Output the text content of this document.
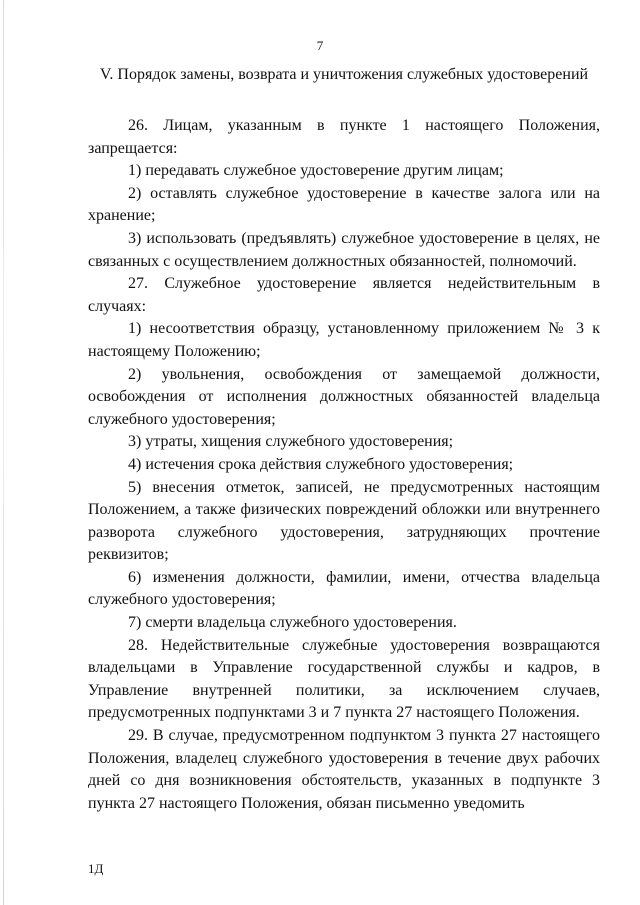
7
V. Порядок замены, возврата и уничтожения служебных удостоверений

26. Лицам, указанным в пункте 1 настоящего Положения, запрещается:

1) передавать служебное удостоверение другим лицам;

2) оставлять служебное удостоверение в качестве залога или на хранение;

3) использовать (предъявлять) служебное удостоверение в целях, не связанных с осуществлением должностных обязанностей, полномочий.

27. Служебное удостоверение является недействительным в случаях:

1) несоответствия образцу, установленному приложением № 3 к настоящему Положению;

2) увольнения, освобождения от замещаемой должности, освобождения от исполнения должностных обязанностей владельца служебного удостоверения;

3) утраты, хищения служебного удостоверения;

4) истечения срока действия служебного удостоверения;

5) внесения отметок, записей, не предусмотренных настоящим Положением, а также физических повреждений обложки или внутреннего разворота служебного удостоверения, затрудняющих прочтение реквизитов;

6) изменения должности, фамилии, имени, отчества владельца служебного удостоверения;

7) смерти владельца служебного удостоверения.

28. Недействительные служебные удостоверения возвращаются владельцами в Управление государственной службы и кадров, в Управление внутренней политики, за исключением случаев, предусмотренных подпунктами 3 и 7 пункта 27 настоящего Положения.

29. В случае, предусмотренном подпунктом 3 пункта 27 настоящего Положения, владелец служебного удостоверения в течение двух рабочих дней со дня возникновения обстоятельств, указанных в подпункте 3 пункта 27 настоящего Положения, обязан письменно уведомить

1Д
